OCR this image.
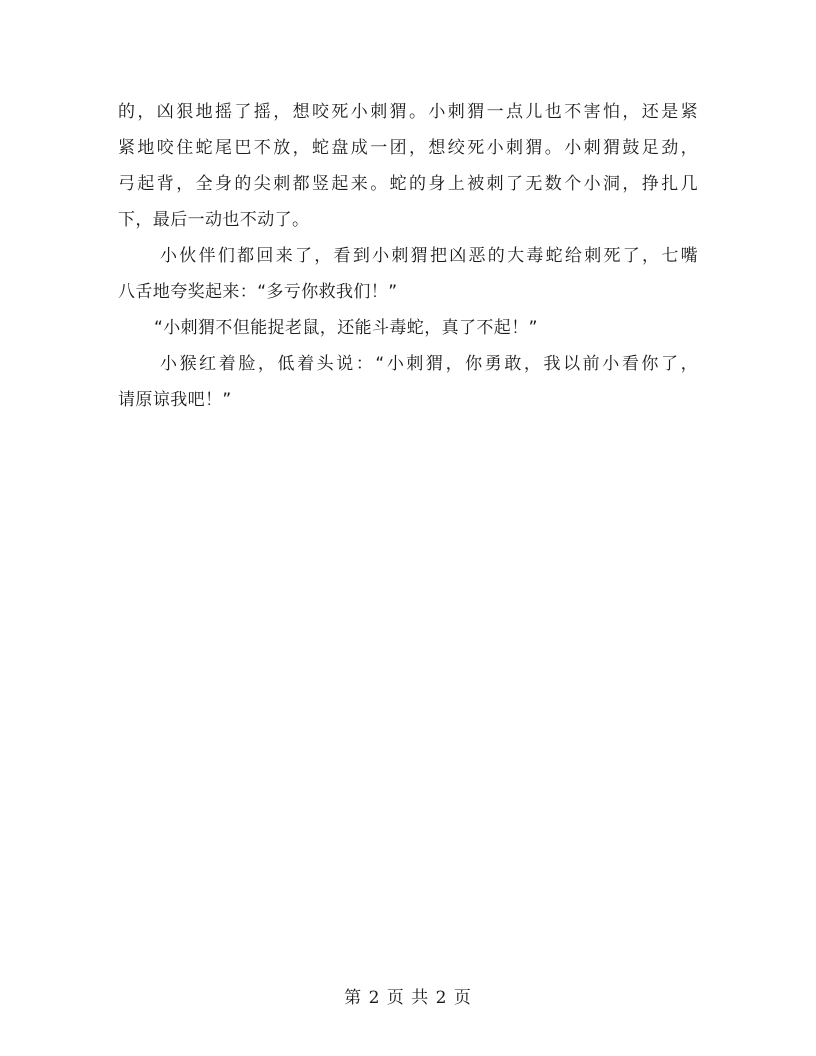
的，凶狠地摇了摇，想咬死小刺猬。小刺猬一点儿也不害怕，还是紧
紧地咬住蛇尾巴不放，蛇盘成一团，想绞死小刺猬。小刺猬鼓足劲，
弓起背，全身的尖刺都竖起来。蛇的身上被刺了无数个小洞，挣扎几
下，最后一动也不动了。
小伙伴们都回来了，看到小刺猬把凶恶的大毒蛇给刺死了，七嘴
八舌地夸奖起来：“多亏你救我们！”
“小刺猬不但能捉老鼠，还能斗毒蛇，真了不起！”
小猴红着脸，低着头说：“小刺猬，你勇敢，我以前小看你了，
请原谅我吧！”
第 2 页 共 2 页
